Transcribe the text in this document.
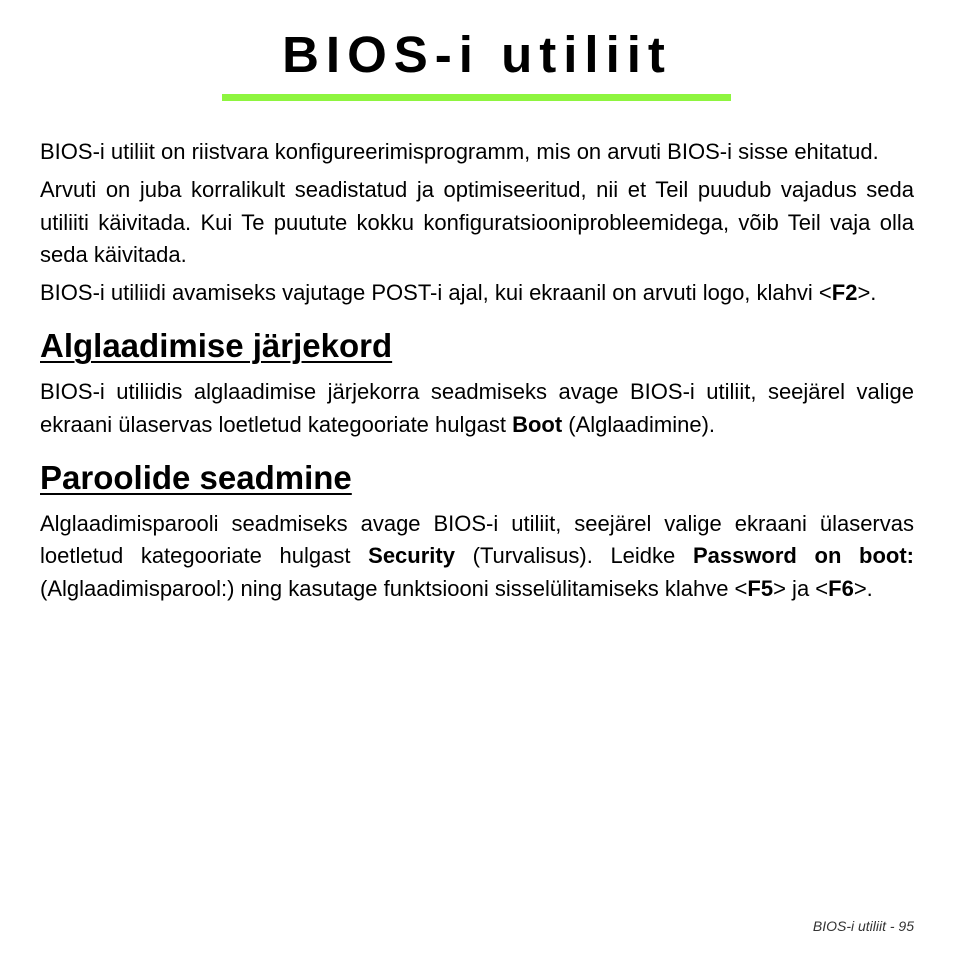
BIOS-i utiliit

BIOS-i utiliit on riistvara konfigureerimisprogramm, mis on arvuti BIOS-i sisse ehitatud.

Arvuti on juba korralikult seadistatud ja optimiseeritud, nii et Teil puudub vajadus seda utiliiti käivitada. Kui Te puutute kokku konfiguratsiooniprobleemidega, võib Teil vaja olla seda käivitada.

BIOS-i utiliidi avamiseks vajutage POST-i ajal, kui ekraanil on arvuti logo, klahvi <F2>.

Alglaadimise järjekord

BIOS-i utiliidis alglaadimise järjekorra seadmiseks avage BIOS-i utiliit, seejärel valige ekraani ülaservas loetletud kategooriate hulgast Boot (Alglaadimine).

Paroolide seadmine

Alglaadimisparooli seadmiseks avage BIOS-i utiliit, seejärel valige ekraani ülaservas loetletud kategooriate hulgast Security (Turvalisus). Leidke Password on boot: (Alglaadimisparool:) ning kasutage funktsiooni sisselülitamiseks klahve <F5> ja <F6>.

BIOS-i utiliit - 95
